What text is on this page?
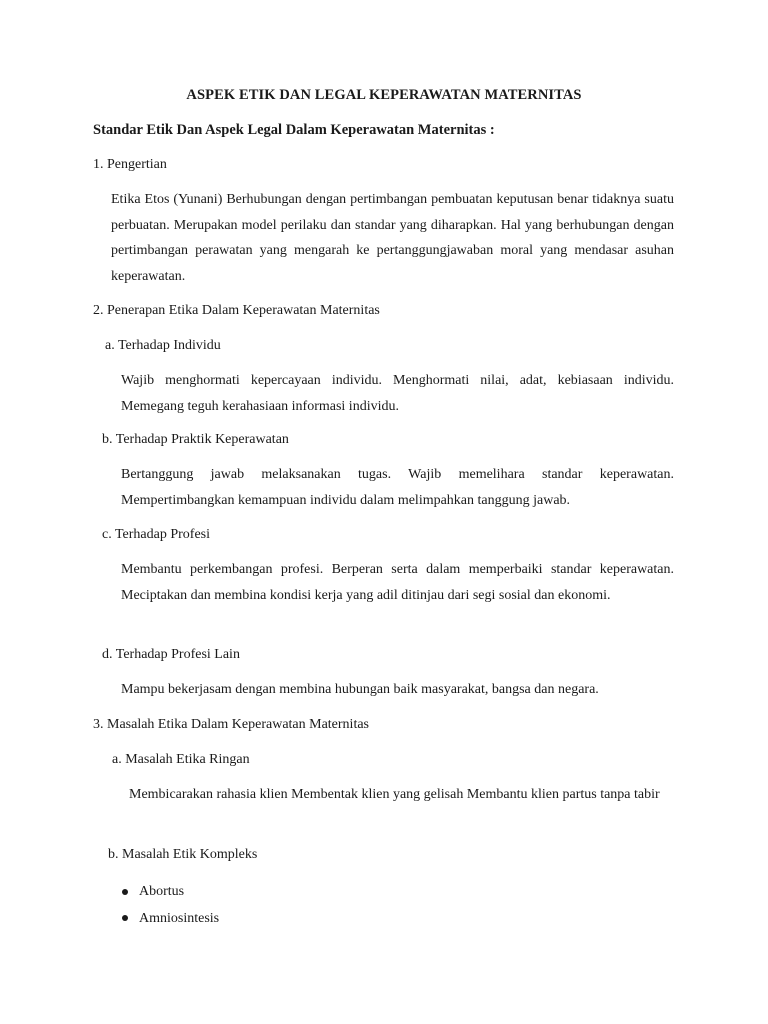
ASPEK ETIK DAN LEGAL KEPERAWATAN MATERNITAS
Standar Etik Dan Aspek Legal Dalam Keperawatan Maternitas :

1. Pengertian

Etika Etos (Yunani) Berhubungan dengan pertimbangan pembuatan keputusan benar tidaknya suatu perbuatan. Merupakan model perilaku dan standar yang diharapkan. Hal yang berhubungan dengan pertimbangan perawatan yang mengarah ke pertanggungjawaban moral yang mendasar asuhan keperawatan.

2. Penerapan Etika Dalam Keperawatan Maternitas

a. Terhadap Individu

Wajib menghormati kepercayaan individu. Menghormati nilai, adat, kebiasaan individu. Memegang teguh kerahasiaan informasi individu.

b. Terhadap Praktik Keperawatan

Bertanggung jawab melaksanakan tugas. Wajib memelihara standar keperawatan. Mempertimbangkan kemampuan individu dalam melimpahkan tanggung jawab.

c. Terhadap Profesi

Membantu perkembangan profesi. Berperan serta dalam memperbaiki standar keperawatan. Meciptakan dan membina kondisi kerja yang adil ditinjau dari segi sosial dan ekonomi.

d. Terhadap Profesi Lain

Mampu bekerjasam dengan membina hubungan baik masyarakat, bangsa dan negara.

3. Masalah Etika Dalam Keperawatan Maternitas

a. Masalah Etika Ringan

Membicarakan rahasia klien Membentak klien yang gelisah Membantu klien partus tanpa tabir

b. Masalah Etik Kompleks

Abortus
Amniosintesis
